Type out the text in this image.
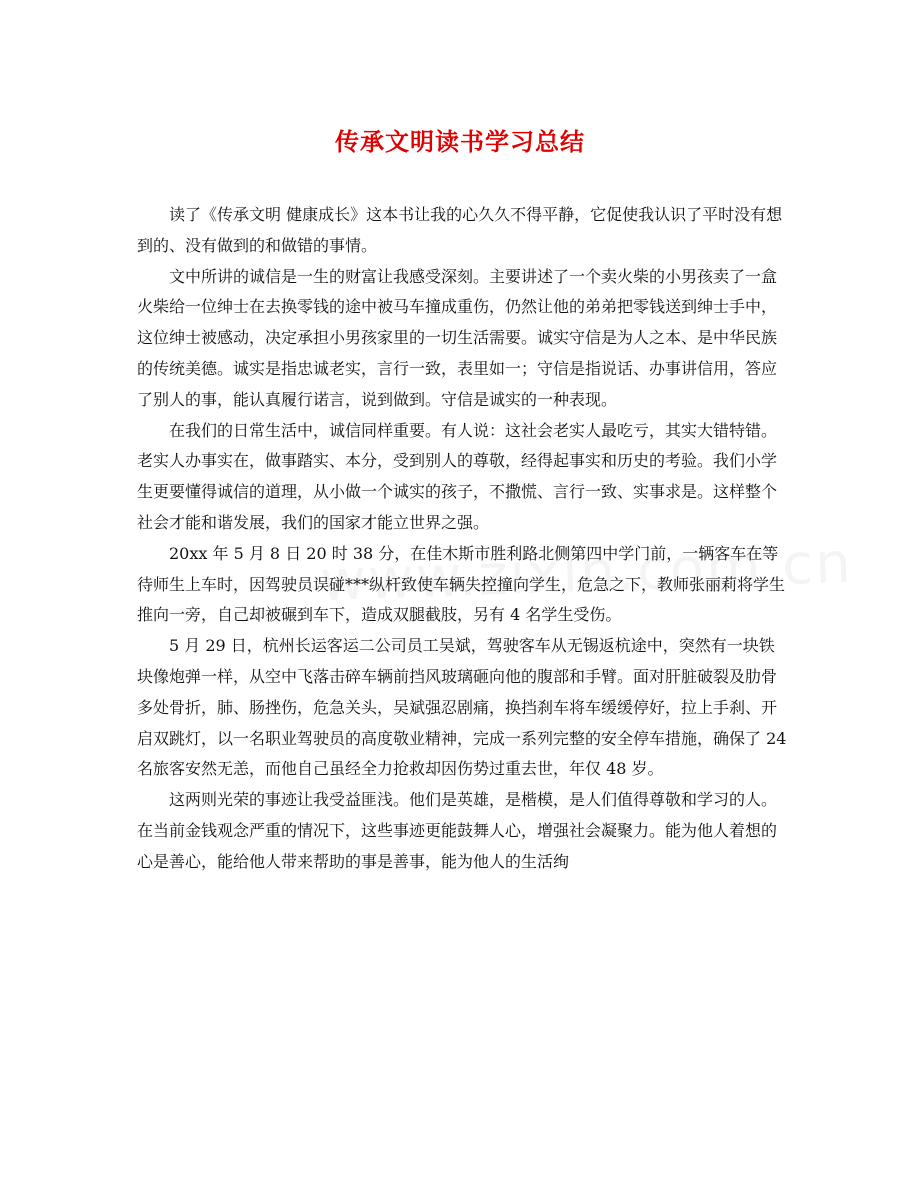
传承文明读书学习总结

读了《传承文明 健康成长》这本书让我的心久久不得平静，它促使我认识了平时没有想到的、没有做到的和做错的事情。

文中所讲的诚信是一生的财富让我感受深刻。主要讲述了一个卖火柴的小男孩卖了一盒火柴给一位绅士在去换零钱的途中被马车撞成重伤，仍然让他的弟弟把零钱送到绅士手中，这位绅士被感动，决定承担小男孩家里的一切生活需要。诚实守信是为人之本、是中华民族的传统美德。诚实是指忠诚老实，言行一致，表里如一；守信是指说话、办事讲信用，答应了别人的事，能认真履行诺言，说到做到。守信是诚实的一种表现。

在我们的日常生活中，诚信同样重要。有人说：这社会老实人最吃亏，其实大错特错。老实人办事实在，做事踏实、本分，受到别人的尊敬，经得起事实和历史的考验。我们小学生更要懂得诚信的道理，从小做一个诚实的孩子，不撒慌、言行一致、实事求是。这样整个社会才能和谐发展，我们的国家才能立世界之强。

20xx 年 5 月 8 日 20 时 38 分，在佳木斯市胜利路北侧第四中学门前，一辆客车在等待师生上车时，因驾驶员误碰***纵杆致使车辆失控撞向学生，危急之下，教师张丽莉将学生推向一旁，自己却被碾到车下，造成双腿截肢，另有 4 名学生受伤。

5 月 29 日，杭州长运客运二公司员工吴斌，驾驶客车从无锡返杭途中，突然有一块铁块像炮弹一样，从空中飞落击碎车辆前挡风玻璃砸向他的腹部和手臂。面对肝脏破裂及肋骨多处骨折，肺、肠挫伤，危急关头，吴斌强忍剧痛，换挡刹车将车缓缓停好，拉上手刹、开启双跳灯，以一名职业驾驶员的高度敬业精神，完成一系列完整的安全停车措施，确保了 24 名旅客安然无恙，而他自己虽经全力抢救却因伤势过重去世，年仅 48 岁。

这两则光荣的事迹让我受益匪浅。他们是英雄，是楷模，是人们值得尊敬和学习的人。在当前金钱观念严重的情况下，这些事迹更能鼓舞人心，增强社会凝聚力。能为他人着想的心是善心，能给他人带来帮助的事是善事，能为他人的生活绚
